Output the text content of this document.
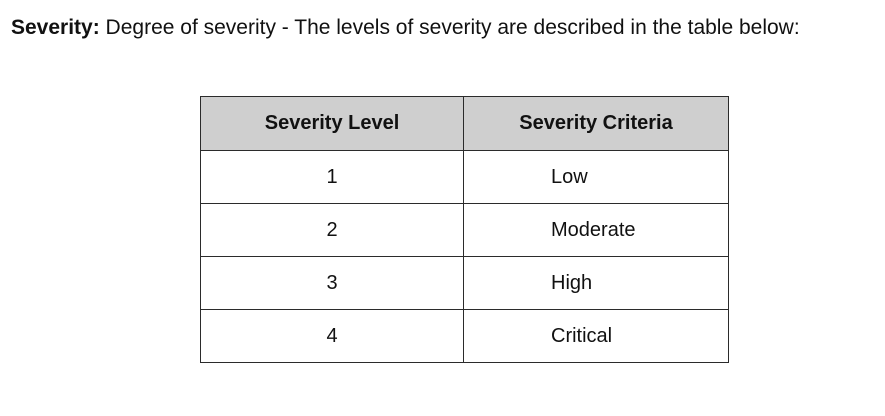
Severity: Degree of severity - The levels of severity are described in the table below:
Severity Level	Severity Criteria
1	Low
2	Moderate
3	High
4	Critical
